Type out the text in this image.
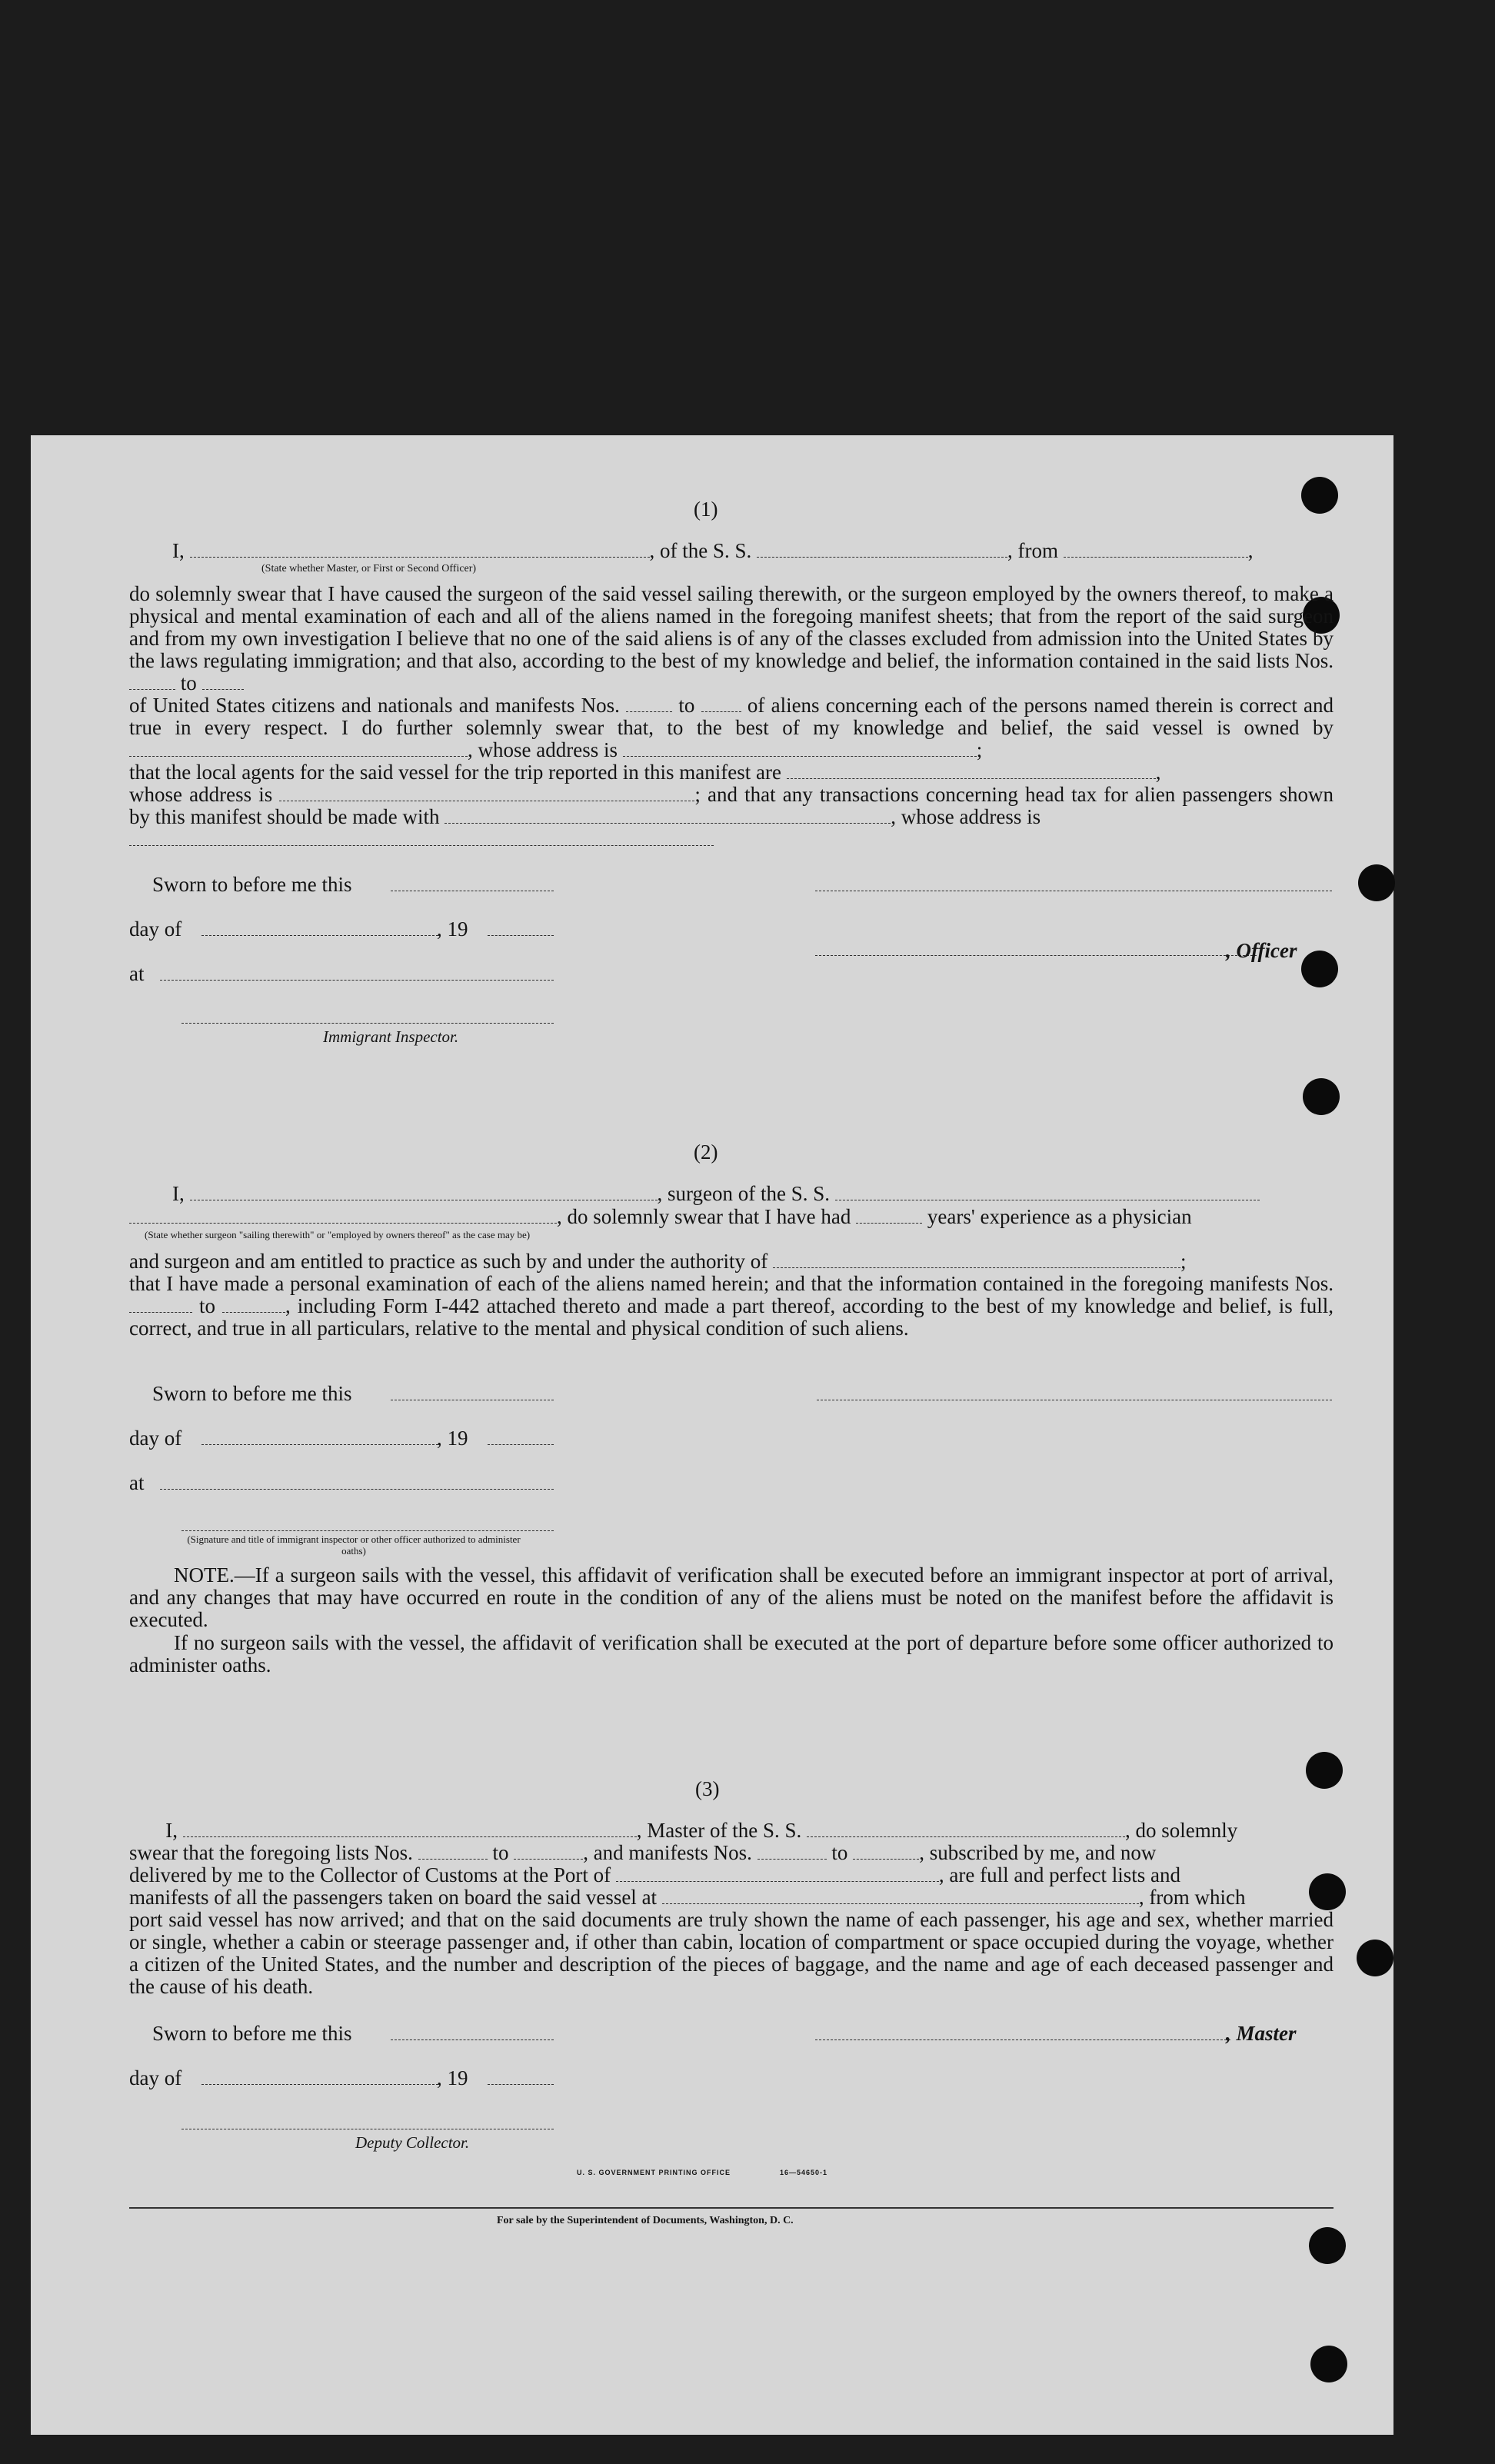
(1)
I,	, of the S. S.	, from	,
(State whether Master, or First or Second Officer)
do solemnly swear that I have caused the surgeon of the said vessel sailing therewith, or the surgeon employed by the owners thereof, to make a physical and mental examination of each and all of the aliens named in the foregoing manifest sheets; that from the report of the said surgeon and from my own investigation I believe that no one of the said aliens is of any of the classes excluded from admission into the United States by the laws regulating immigration; and that also, according to the best of my knowledge and belief, the information contained in the said lists Nos.  to
of United States citizens and nationals and manifests Nos.	to	of aliens concerning each of the persons named therein is correct and true in every respect. I do further solemnly swear that, to the best of my knowledge and belief, the said vessel is owned by , whose address is	;
that the local agents for the said vessel for the trip reported in this manifest are	,
whose address is	; and that any transactions concerning head tax for alien passengers shown by this manifest should be made with	, whose address is

Sworn to before me this
day of	, 19
at
, Officer
Immigrant Inspector.
(2)
I,	, surgeon of the S. S.
, do solemnly swear that I have had	years' experience as a physician
(State whether surgeon "sailing therewith" or "employed by owners thereof" as the case may be)
and surgeon and am entitled to practice as such by and under the authority of	;
that I have made a personal examination of each of the aliens named herein; and that the information contained in the foregoing manifests Nos.  to	, including Form I-442 attached thereto and made a part thereof, according to the best of my knowledge and belief, is full, correct, and true in all particulars, relative to the mental and physical condition of such aliens.
Sworn to before me this
day of	, 19
at
(Signature and title of immigrant inspector or other officer authorized to administer oaths)
NOTE.—If a surgeon sails with the vessel, this affidavit of verification shall be executed before an immigrant inspector at port of arrival, and any changes that may have occurred en route in the condition of any of the aliens must be noted on the manifest before the affidavit is executed.
If no surgeon sails with the vessel, the affidavit of verification shall be executed at the port of departure before some officer authorized to administer oaths.
(3)
I,	, Master of the S. S.	, do solemnly
swear that the foregoing lists Nos.	to	, and manifests Nos.	to	, subscribed by me, and now
delivered by me to the Collector of Customs at the Port of	, are full and perfect lists and
manifests of all the passengers taken on board the said vessel at	, from which
port said vessel has now arrived; and that on the said documents are truly shown the name of each passenger, his age and sex, whether married or single, whether a cabin or steerage passenger and, if other than cabin, location of compartment or space occupied during the voyage, whether a citizen of the United States, and the number and description of the pieces of baggage, and the name and age of each deceased passenger and the cause of his death.
Sworn to before me this	, Master
day of	, 19
Deputy Collector.
U. S. GOVERNMENT PRINTING OFFICE	16—54650-1
For sale by the Superintendent of Documents, Washington, D. C.
